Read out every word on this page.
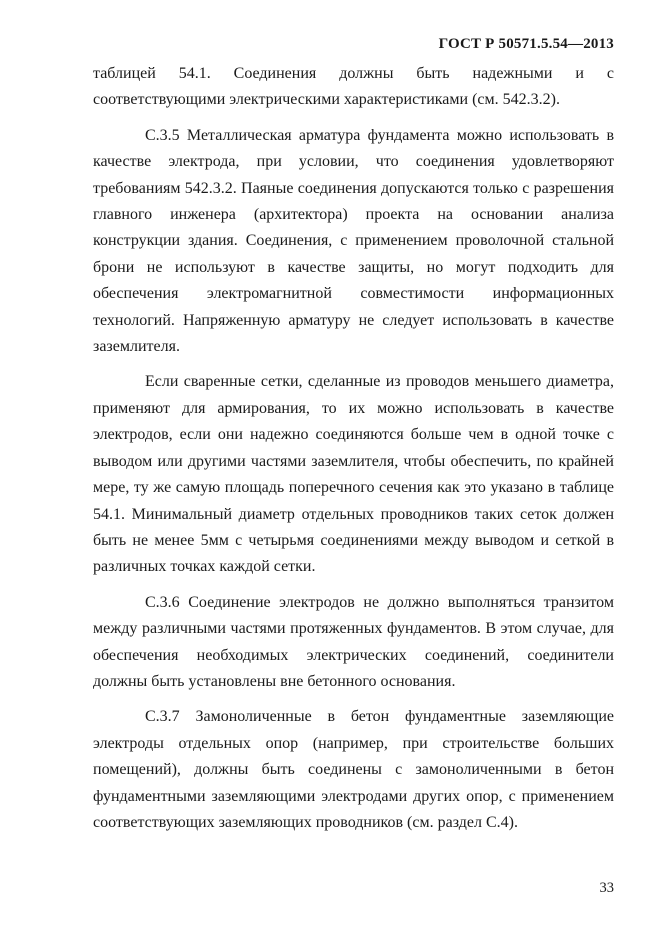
ГОСТ Р 50571.5.54—2013

таблицей 54.1. Соединения должны быть надежными и с соответствующими электрическими характеристиками (см. 542.3.2).

С.3.5 Металлическая арматура фундамента можно использовать в качестве электрода, при условии, что соединения удовлетворяют требованиям 542.3.2. Паяные соединения допускаются только с разрешения главного инженера (архитектора) проекта на основании анализа конструкции здания. Соединения, с применением проволочной стальной брони не используют в качестве защиты, но могут подходить для обеспечения электромагнитной совместимости информационных технологий. Напряженную арматуру не следует использовать в качестве заземлителя.

Если сваренные сетки, сделанные из проводов меньшего диаметра, применяют для армирования, то их можно использовать в качестве электродов, если они надежно соединяются больше чем в одной точке с выводом или другими частями заземлителя, чтобы обеспечить, по крайней мере, ту же самую площадь поперечного сечения как это указано в таблице 54.1. Минимальный диаметр отдельных проводников таких сеток должен быть не менее 5мм с четырьмя соединениями между выводом и сеткой в различных точках каждой сетки.

С.3.6 Соединение электродов не должно выполняться транзитом между различными частями протяженных фундаментов. В этом случае, для обеспечения необходимых электрических соединений, соединители должны быть установлены вне бетонного основания.

С.3.7 Замоноличенные в бетон фундаментные заземляющие электроды отдельных опор (например, при строительстве больших помещений), должны быть соединены с замоноличенными в бетон фундаментными заземляющими электродами других опор, с применением соответствующих заземляющих проводников (см. раздел С.4).

33
